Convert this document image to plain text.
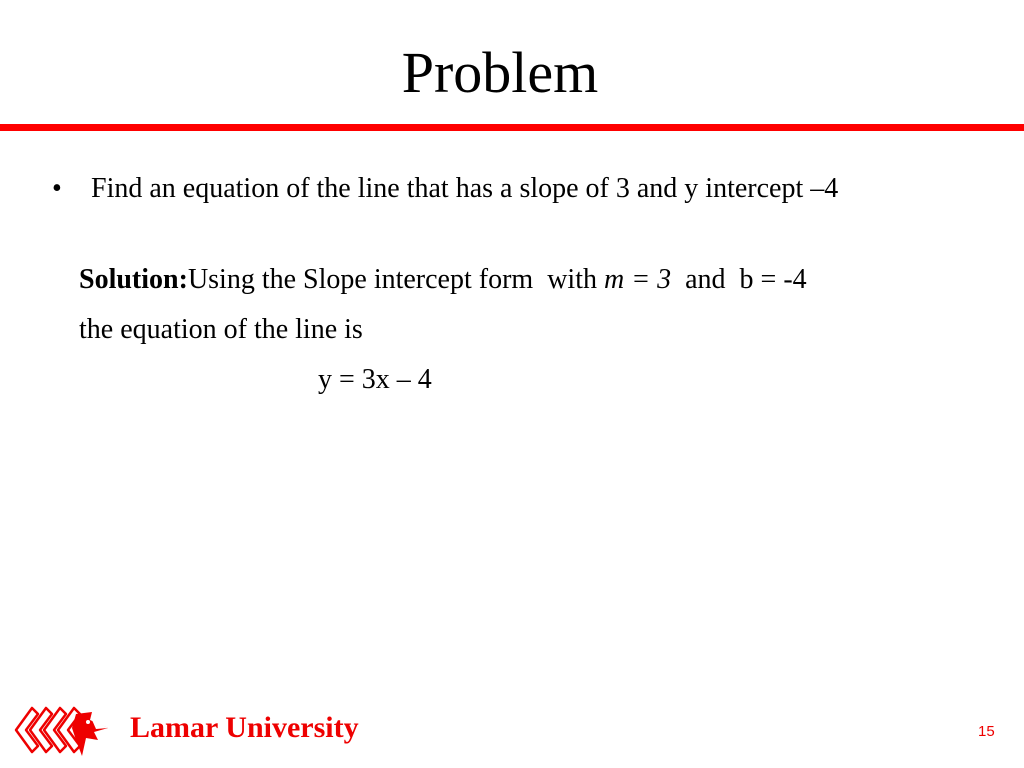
Problem
• Find an equation of the line that has a slope of 3 and y intercept –4
Solution:Using the Slope intercept form  with m = 3  and  b = -4
the equation of the line is
y = 3x – 4
Lamar University	15
